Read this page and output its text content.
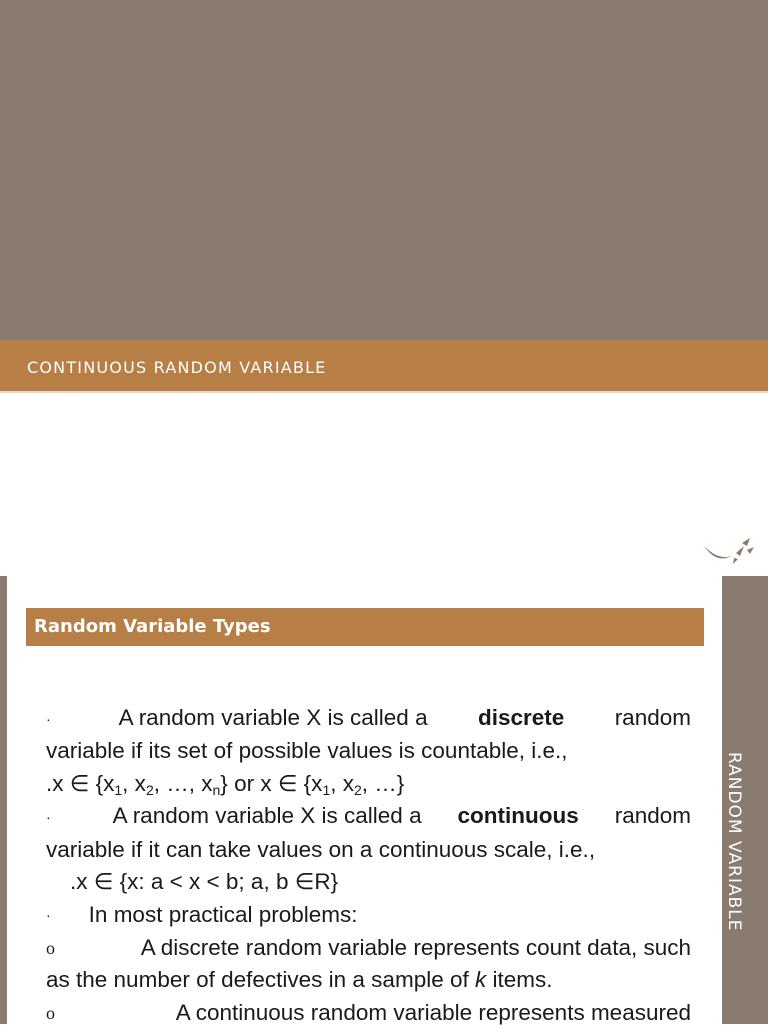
CONTINUOUS RANDOM VARIABLE
RANDOM VARIABLE
Random Variable Types
·	A random variable X is called a discrete random
variable if its set of possible values is countable, i.e.,
.x ∈ {$x_1$, $x_2$, …, $x_n$} or x ∈ {$x_1$, $x_2$, …}
·	A random variable X is called a continuous random
variable if it can take values on a continuous scale, i.e.,
.x ∈ {x: a < x < b; a, b ∈R}
· In most practical problems:
o	A discrete random variable represents count data, such
as the number of defectives in a sample of k items.
o	A continuous random variable represents measured
